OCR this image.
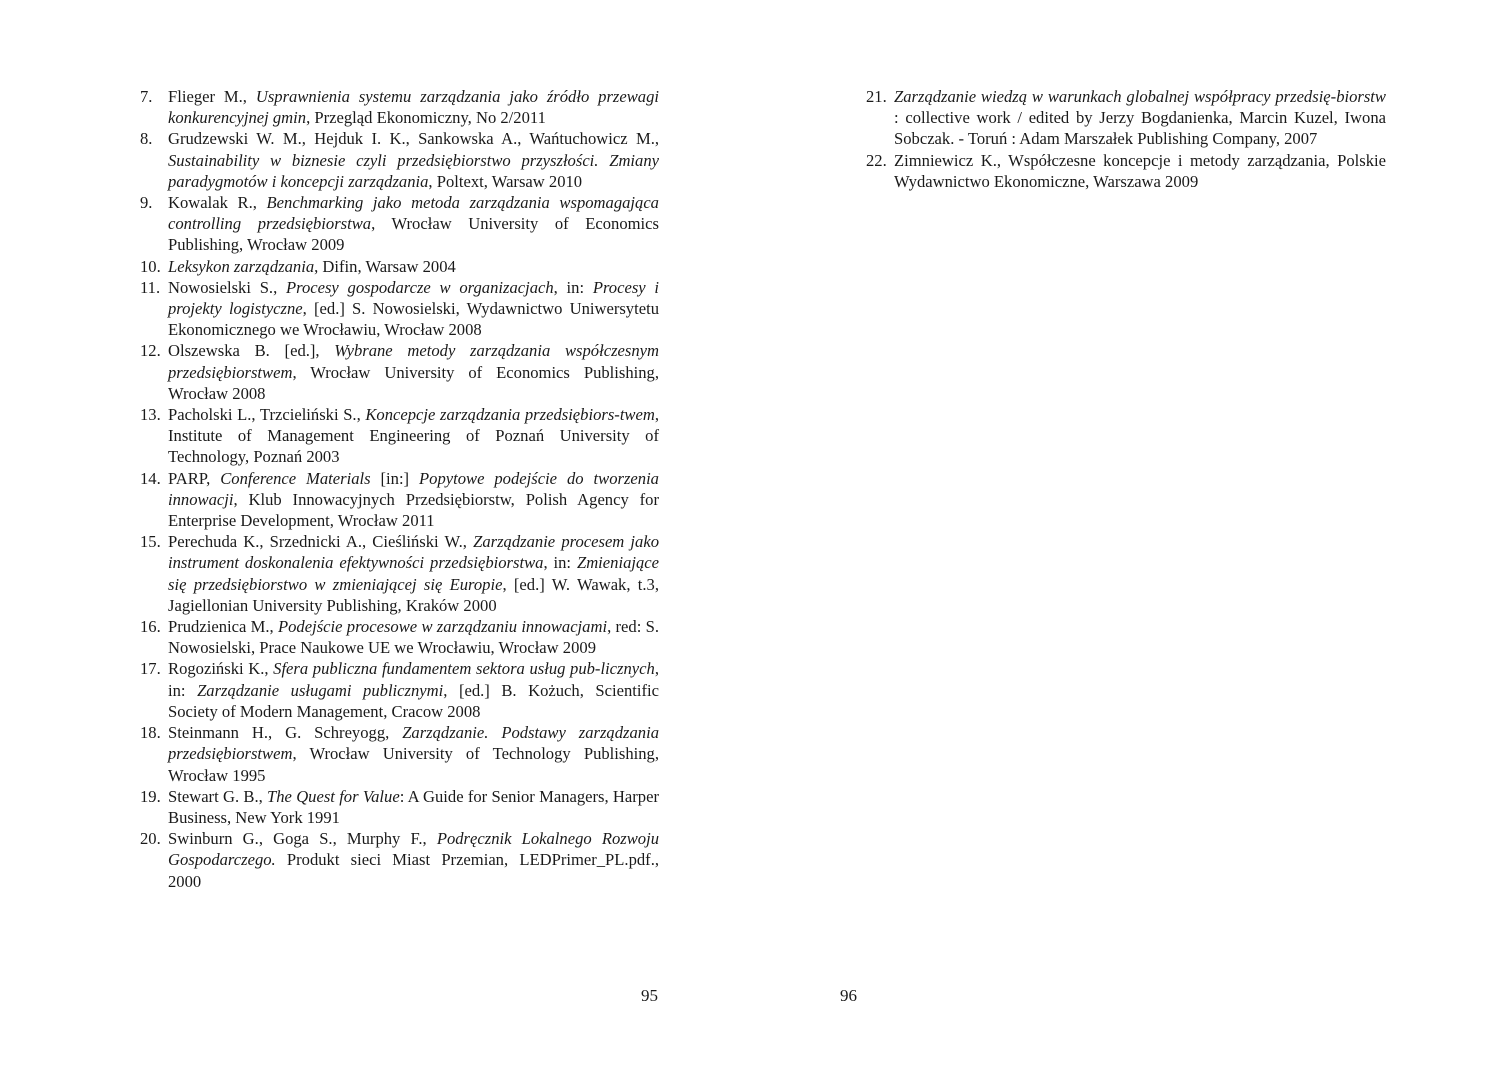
7. Flieger M., Usprawnienia systemu zarządzania jako źródło przewagi konkurencyjnej gmin, Przegląd Ekonomiczny, No 2/2011
8. Grudzewski W. M., Hejduk I. K., Sankowska A., Wańtuchowicz M., Sustainability w biznesie czyli przedsiębiorstwo przyszłości. Zmiany paradygmotów i koncepcji zarządzania, Poltext, Warsaw 2010
9. Kowalak R., Benchmarking jako metoda zarządzania wspomagająca controlling przedsiębiorstwa, Wrocław University of Economics Publishing, Wrocław 2009
10. Leksykon zarządzania, Difin, Warsaw 2004
11. Nowosielski S., Procesy gospodarcze w organizacjach, in: Procesy i projekty logistyczne, [ed.] S. Nowosielski, Wydawnictwo Uniwersytetu Ekonomicznego we Wrocławiu, Wrocław 2008
12. Olszewska B. [ed.], Wybrane metody zarządzania współczesnym przedsiębiorstwem, Wrocław University of Economics Publishing, Wrocław 2008
13. Pacholski L., Trzcieliński S., Koncepcje zarządzania przedsiębiors-twem, Institute of Management Engineering of Poznań University of Technology, Poznań 2003
14. PARP, Conference Materials [in:] Popytowe podejście do tworzenia innowacji, Klub Innowacyjnych Przedsiębiorstw, Polish Agency for Enterprise Development, Wrocław 2011
15. Perechuda K., Srzednicki A., Cieśliński W., Zarządzanie procesem jako instrument doskonalenia efektywności przedsiębiorstwa, in: Zmieniające się przedsiębiorstwo w zmieniającej się Europie, [ed.] W. Wawak, t.3, Jagiellonian University Publishing, Kraków 2000
16. Prudzienica M., Podejście procesowe w zarządzaniu innowacjami, red: S. Nowosielski, Prace Naukowe UE we Wrocławiu, Wrocław 2009
17. Rogoziński K., Sfera publiczna fundamentem sektora usług pub-licznych, in: Zarządzanie usługami publicznymi, [ed.] B. Kożuch, Scientific Society of Modern Management, Cracow 2008
18. Steinmann H., G. Schreyogg, Zarządzanie. Podstawy zarządzania przedsiębiorstwem, Wrocław University of Technology Publishing, Wrocław 1995
19. Stewart G. B., The Quest for Value: A Guide for Senior Managers, Harper Business, New York 1991
20. Swinburn G., Goga S., Murphy F., Podręcznik Lokalnego Rozwoju Gospodarczego. Produkt sieci Miast Przemian, LEDPrimer_PL.pdf., 2000
21. Zarządzanie wiedzą w warunkach globalnej współpracy przedsię-biorstw : collective work / edited by Jerzy Bogdanienka, Marcin Kuzel, Iwona Sobczak. - Toruń : Adam Marszałek Publishing Company, 2007
22. Zimniewicz K., Współczesne koncepcje i metody zarządzania, Polskie Wydawnictwo Ekonomiczne, Warszawa 2009
95	96
